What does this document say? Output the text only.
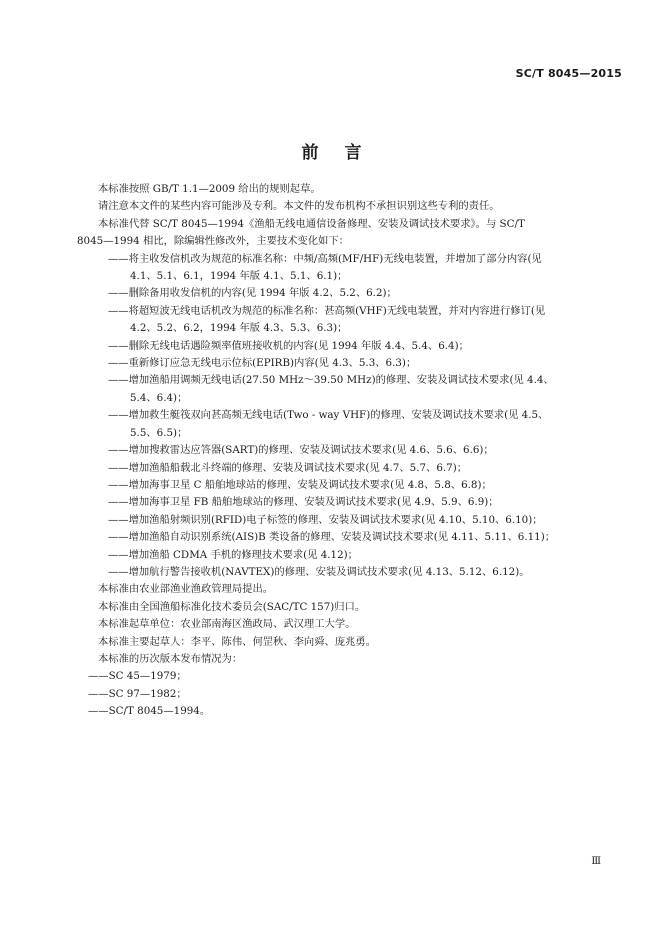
SC/T 8045—2015
前言

本标准按照 GB/T 1.1—2009 给出的规则起草。

请注意本文件的某些内容可能涉及专利。本文件的发布机构不承担识别这些专利的责任。

本标准代替 SC/T 8045—1994《渔船无线电通信设备修理、安装及调试技术要求》。与 SC/T

8045—1994 相比，除编辑性修改外，主要技术变化如下：

——将主收发信机改为规范的标准名称：中频/高频(MF/HF)无线电装置，并增加了部分内容(见

4.1、5.1、6.1，1994 年版 4.1、5.1、6.1)；

——删除备用收发信机的内容(见 1994 年版 4.2、5.2、6.2)；

——将超短波无线电话机改为规范的标准名称：甚高频(VHF)无线电装置，并对内容进行修订(见

4.2、5.2、6.2，1994 年版 4.3、5.3、6.3)；

——删除无线电话遇险频率值班接收机的内容(见 1994 年版 4.4、5.4、6.4)；

——重新修订应急无线电示位标(EPIRB)内容(见 4.3、5.3、6.3)；

——增加渔船用调频无线电话(27.50 MHz～39.50 MHz)的修理、安装及调试技术要求(见 4.4、

5.4、6.4)；

——增加救生艇筏双向甚高频无线电话(Two - way VHF)的修理、安装及调试技术要求(见 4.5、

5.5、6.5)；

——增加搜救雷达应答器(SART)的修理、安装及调试技术要求(见 4.6、5.6、6.6)；

——增加渔船船载北斗终端的修理、安装及调试技术要求(见 4.7、5.7、6.7)；

——增加海事卫星 C 船舶地球站的修理、安装及调试技术要求(见 4.8、5.8、6.8)；

——增加海事卫星 FB 船舶地球站的修理、安装及调试技术要求(见 4.9、5.9、6.9)；

——增加渔船射频识别(RFID)电子标签的修理、安装及调试技术要求(见 4.10、5.10、6.10)；

——增加渔船自动识别系统(AIS)B 类设备的修理、安装及调试技术要求(见 4.11、5.11、6.11)；

——增加渔船 CDMA 手机的修理技术要求(见 4.12)；

——增加航行警告接收机(NAVTEX)的修理、安装及调试技术要求(见 4.13、5.12、6.12)。

本标准由农业部渔业渔政管理局提出。

本标准由全国渔船标准化技术委员会(SAC/TC 157)归口。

本标准起草单位：农业部南海区渔政局、武汉理工大学。

本标准主要起草人：李平、陈伟、何罡秋、李向舜、庞兆勇。

本标准的历次版本发布情况为：

——SC 45—1979；

——SC 97—1982；

——SC/T 8045—1994。

Ⅲ
